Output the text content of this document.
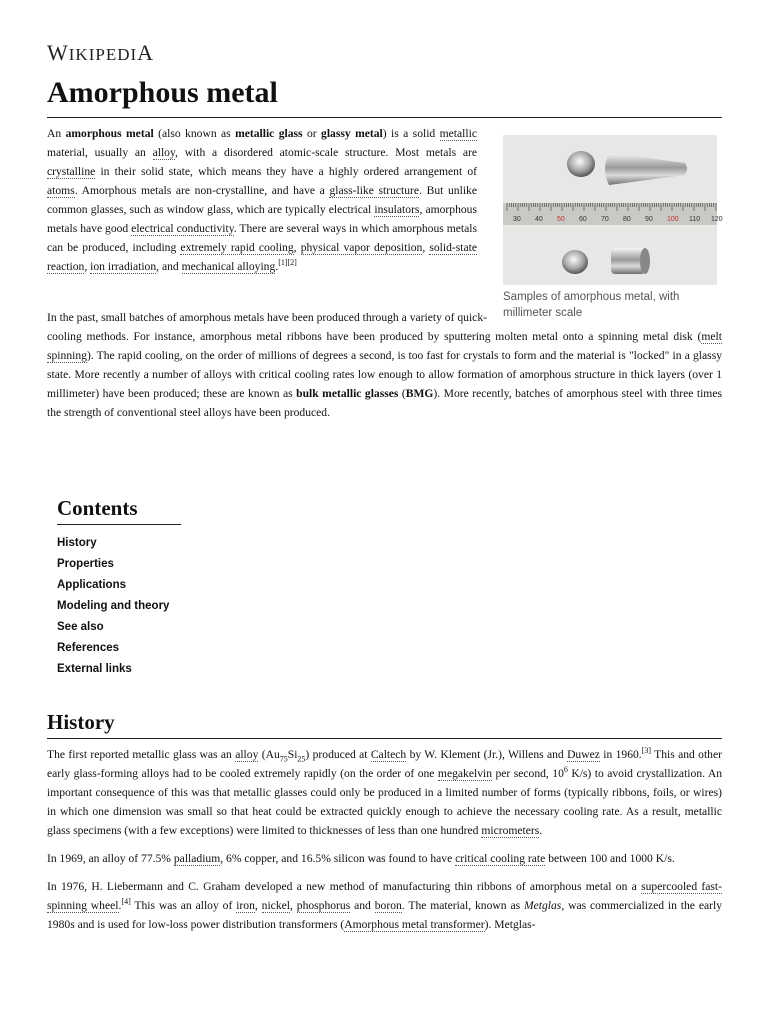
WIKIPEDIA
Amorphous metal
30 40 50 60 70 80 90 100 110 120
Samples of amorphous metal, with millimeter scale

An amorphous metal (also known as metallic glass or glassy metal) is a solid metallic material, usually an alloy, with a disordered atomic-scale structure. Most metals are crystalline in their solid state, which means they have a highly ordered arrangement of atoms. Amorphous metals are non-crystalline, and have a glass-like structure. But unlike common glasses, such as window glass, which are typically electrical insulators, amorphous metals have good electrical conductivity. There are several ways in which amorphous metals can be produced, including extremely rapid cooling, physical vapor deposition, solid-state reaction, ion irradiation, and mechanical alloying.[1][2]

In the past, small batches of amorphous metals have been produced through a variety of quick-cooling methods. For instance, amorphous metal ribbons have been produced by sputtering molten metal onto a spinning metal disk (melt spinning). The rapid cooling, on the order of millions of degrees a second, is too fast for crystals to form and the material is "locked" in a glassy state. More recently a number of alloys with critical cooling rates low enough to allow formation of amorphous structure in thick layers (over 1 millimeter) have been produced; these are known as bulk metallic glasses (BMG). More recently, batches of amorphous steel with three times the strength of conventional steel alloys have been produced.

Contents
History
Properties
Applications
Modeling and theory
See also
References
External links
History

The first reported metallic glass was an alloy $(Au_{75}Si_{25})$ produced at Caltech by W. Klement (Jr.), Willens and Duwez in 1960.[3] This and other early glass-forming alloys had to be cooled extremely rapidly (on the order of one megakelvin per second, $10^6$ K/s) to avoid crystallization. An important consequence of this was that metallic glasses could only be produced in a limited number of forms (typically ribbons, foils, or wires) in which one dimension was small so that heat could be extracted quickly enough to achieve the necessary cooling rate. As a result, metallic glass specimens (with a few exceptions) were limited to thicknesses of less than one hundred micrometers.

In 1969, an alloy of 77.5% palladium, 6% copper, and 16.5% silicon was found to have critical cooling rate between 100 and 1000 K/s.

In 1976, H. Liebermann and C. Graham developed a new method of manufacturing thin ribbons of amorphous metal on a supercooled fast-spinning wheel.[4] This was an alloy of iron, nickel, phosphorus and boron. The material, known as Metglas, was commercialized in the early 1980s and is used for low-loss power distribution transformers (Amorphous metal transformer). Metglas-
